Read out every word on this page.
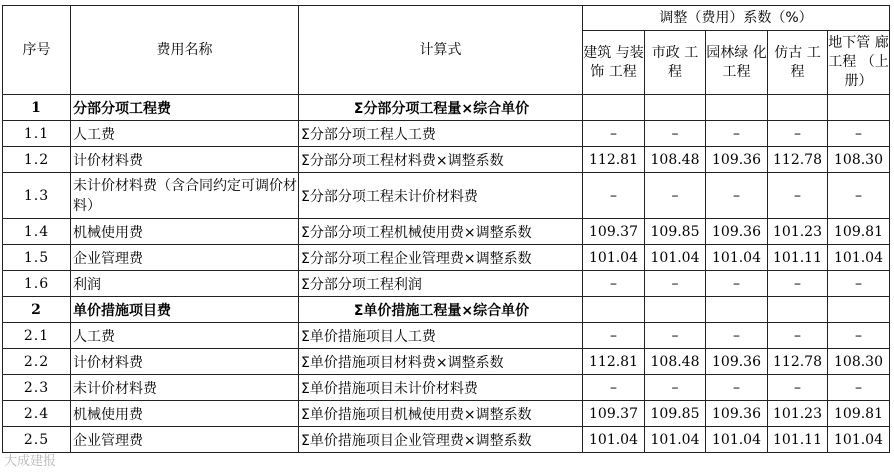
序号	费用名称	计算式	调整（费用）系数（%）				
			建筑 与装饰 工程	市政 工程	园林绿 化工程	仿古 工程	地下管 廊工程 （上册）
1	分部分项工程费	Σ分部分项工程量×综合单价					
1.1	人工费	Σ分部分项工程人工费	–	–	–	–	–
1.2	计价材料费	Σ分部分项工程材料费×调整系数	112.81	108.48	109.36	112.78	108.30
1.3	未计价材料费（含合同约定可调价材料）	Σ分部分项工程未计价材料费	–	–	–	–	–
1.4	机械使用费	Σ分部分项工程机械使用费×调整系数	109.37	109.85	109.36	101.23	109.81
1.5	企业管理费	Σ分部分项工程企业管理费×调整系数	101.04	101.04	101.04	101.11	101.04
1.6	利润	Σ分部分项工程利润	–	–	–	–	–
2	单价措施项目费	Σ单价措施工程量×综合单价					
2.1	人工费	Σ单价措施项目人工费	–	–	–	–	–
2.2	计价材料费	Σ单价措施项目材料费×调整系数	112.81	108.48	109.36	112.78	108.30
2.3	未计价材料费	Σ单价措施项目未计价材料费	–	–	–	–	–
2.4	机械使用费	Σ单价措施项目机械使用费×调整系数	109.37	109.85	109.36	101.23	109.81
2.5	企业管理费	Σ单价措施项目企业管理费×调整系数	101.04	101.04	101.04	101.11	101.04
大成建报
